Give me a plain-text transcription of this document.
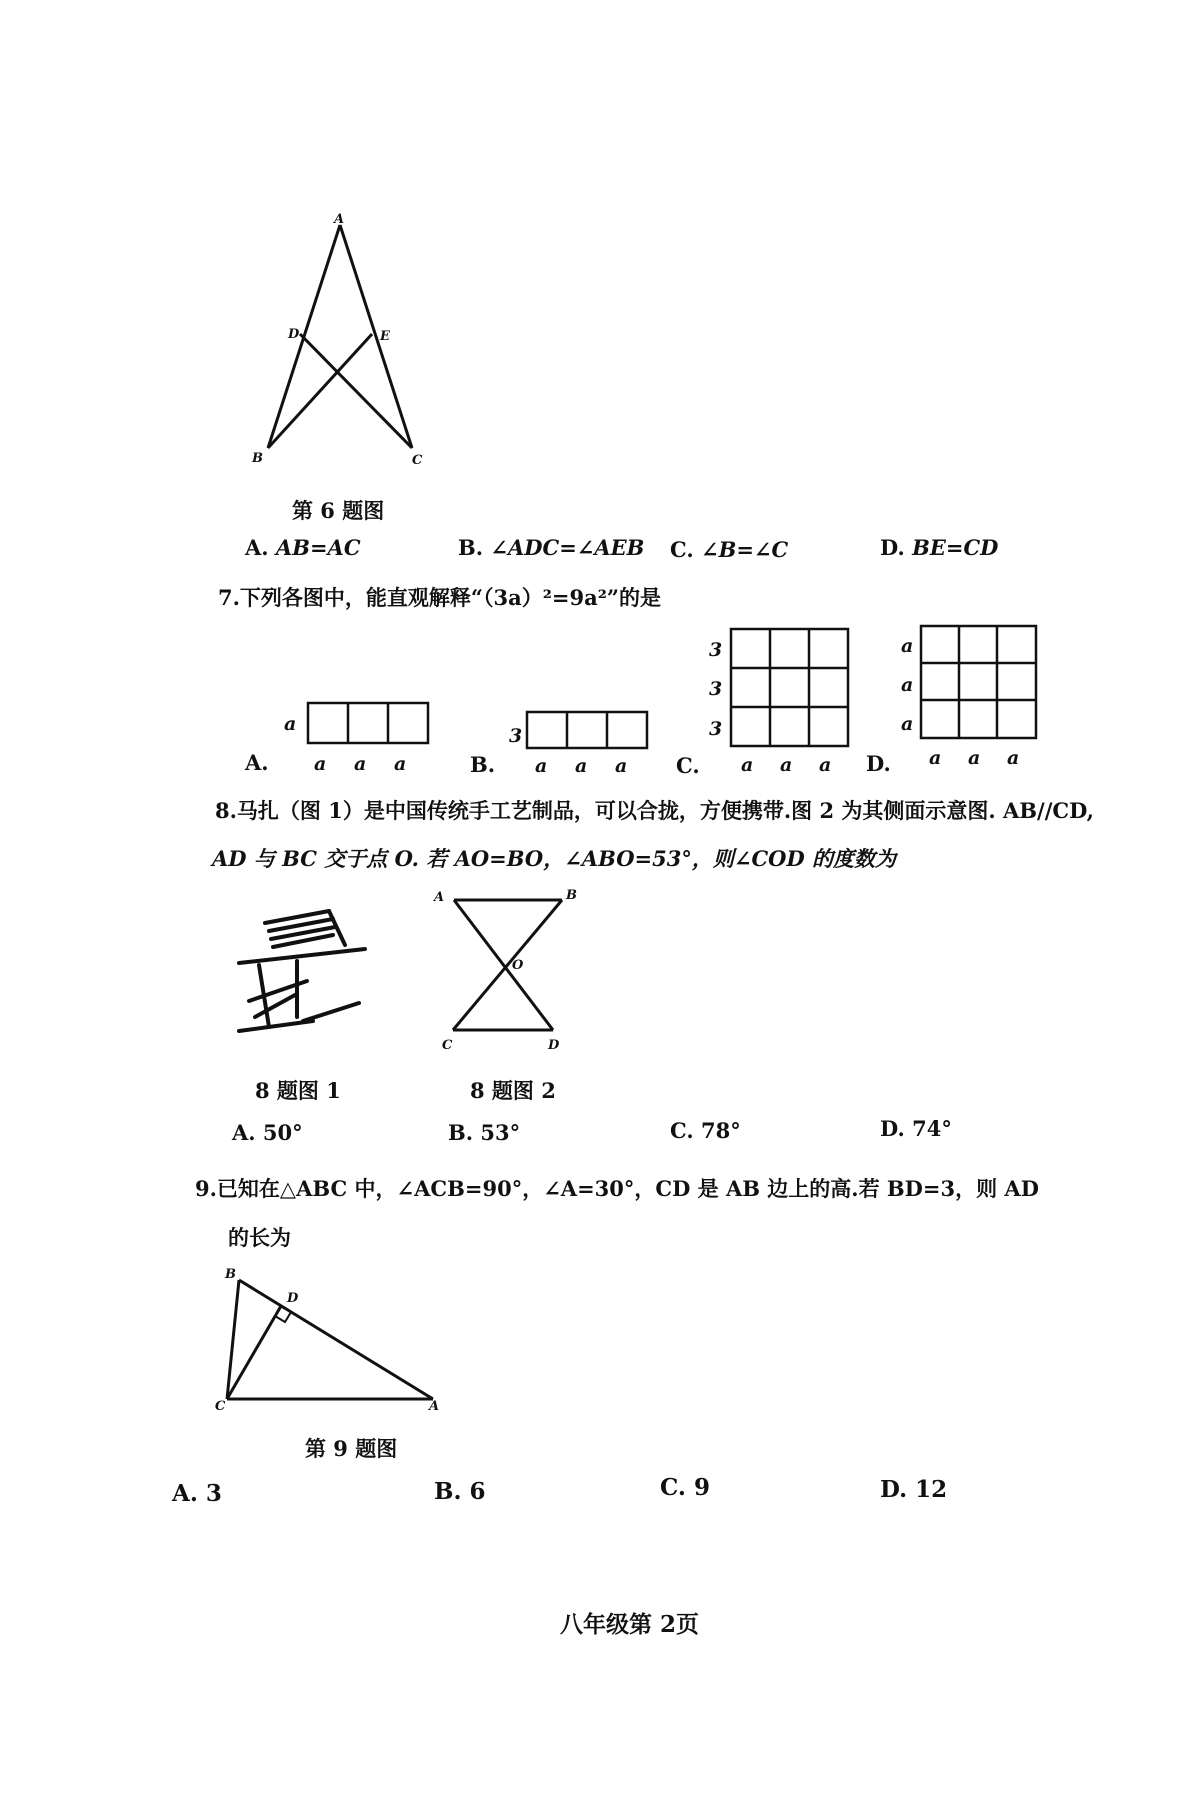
A
D	E
B	C
第 6 题图
A. AB=AC	B. ∠ADC=∠AEB C. ∠B=∠C	D. BE=CD
7.下列各图中，能直观解释“（3a）²=9a²”的是
A.
a
a a a	B.
3
a a a C.
3
3
3
a a a D.
a
a
a
a a a
8.马扎（图 1）是中国传统手工艺制品，可以合拢，方便携带.图 2 为其侧面示意图. AB//CD,
AD 与 BC 交于点 O. 若 AO=BO，∠ABO=53°，则∠COD 的度数为
8 题图 1
A	B
O
C	D
8 题图 2
A. 50°	B. 53°	C. 78°	D. 74°
9.已知在△ABC 中，∠ACB=90°，∠A=30°，CD 是 AB 边上的高.若 BD=3，则 AD
的长为
B
D
C	A
第 9 题图
A. 3	B. 6	C. 9	D. 12
八年级第 2页
